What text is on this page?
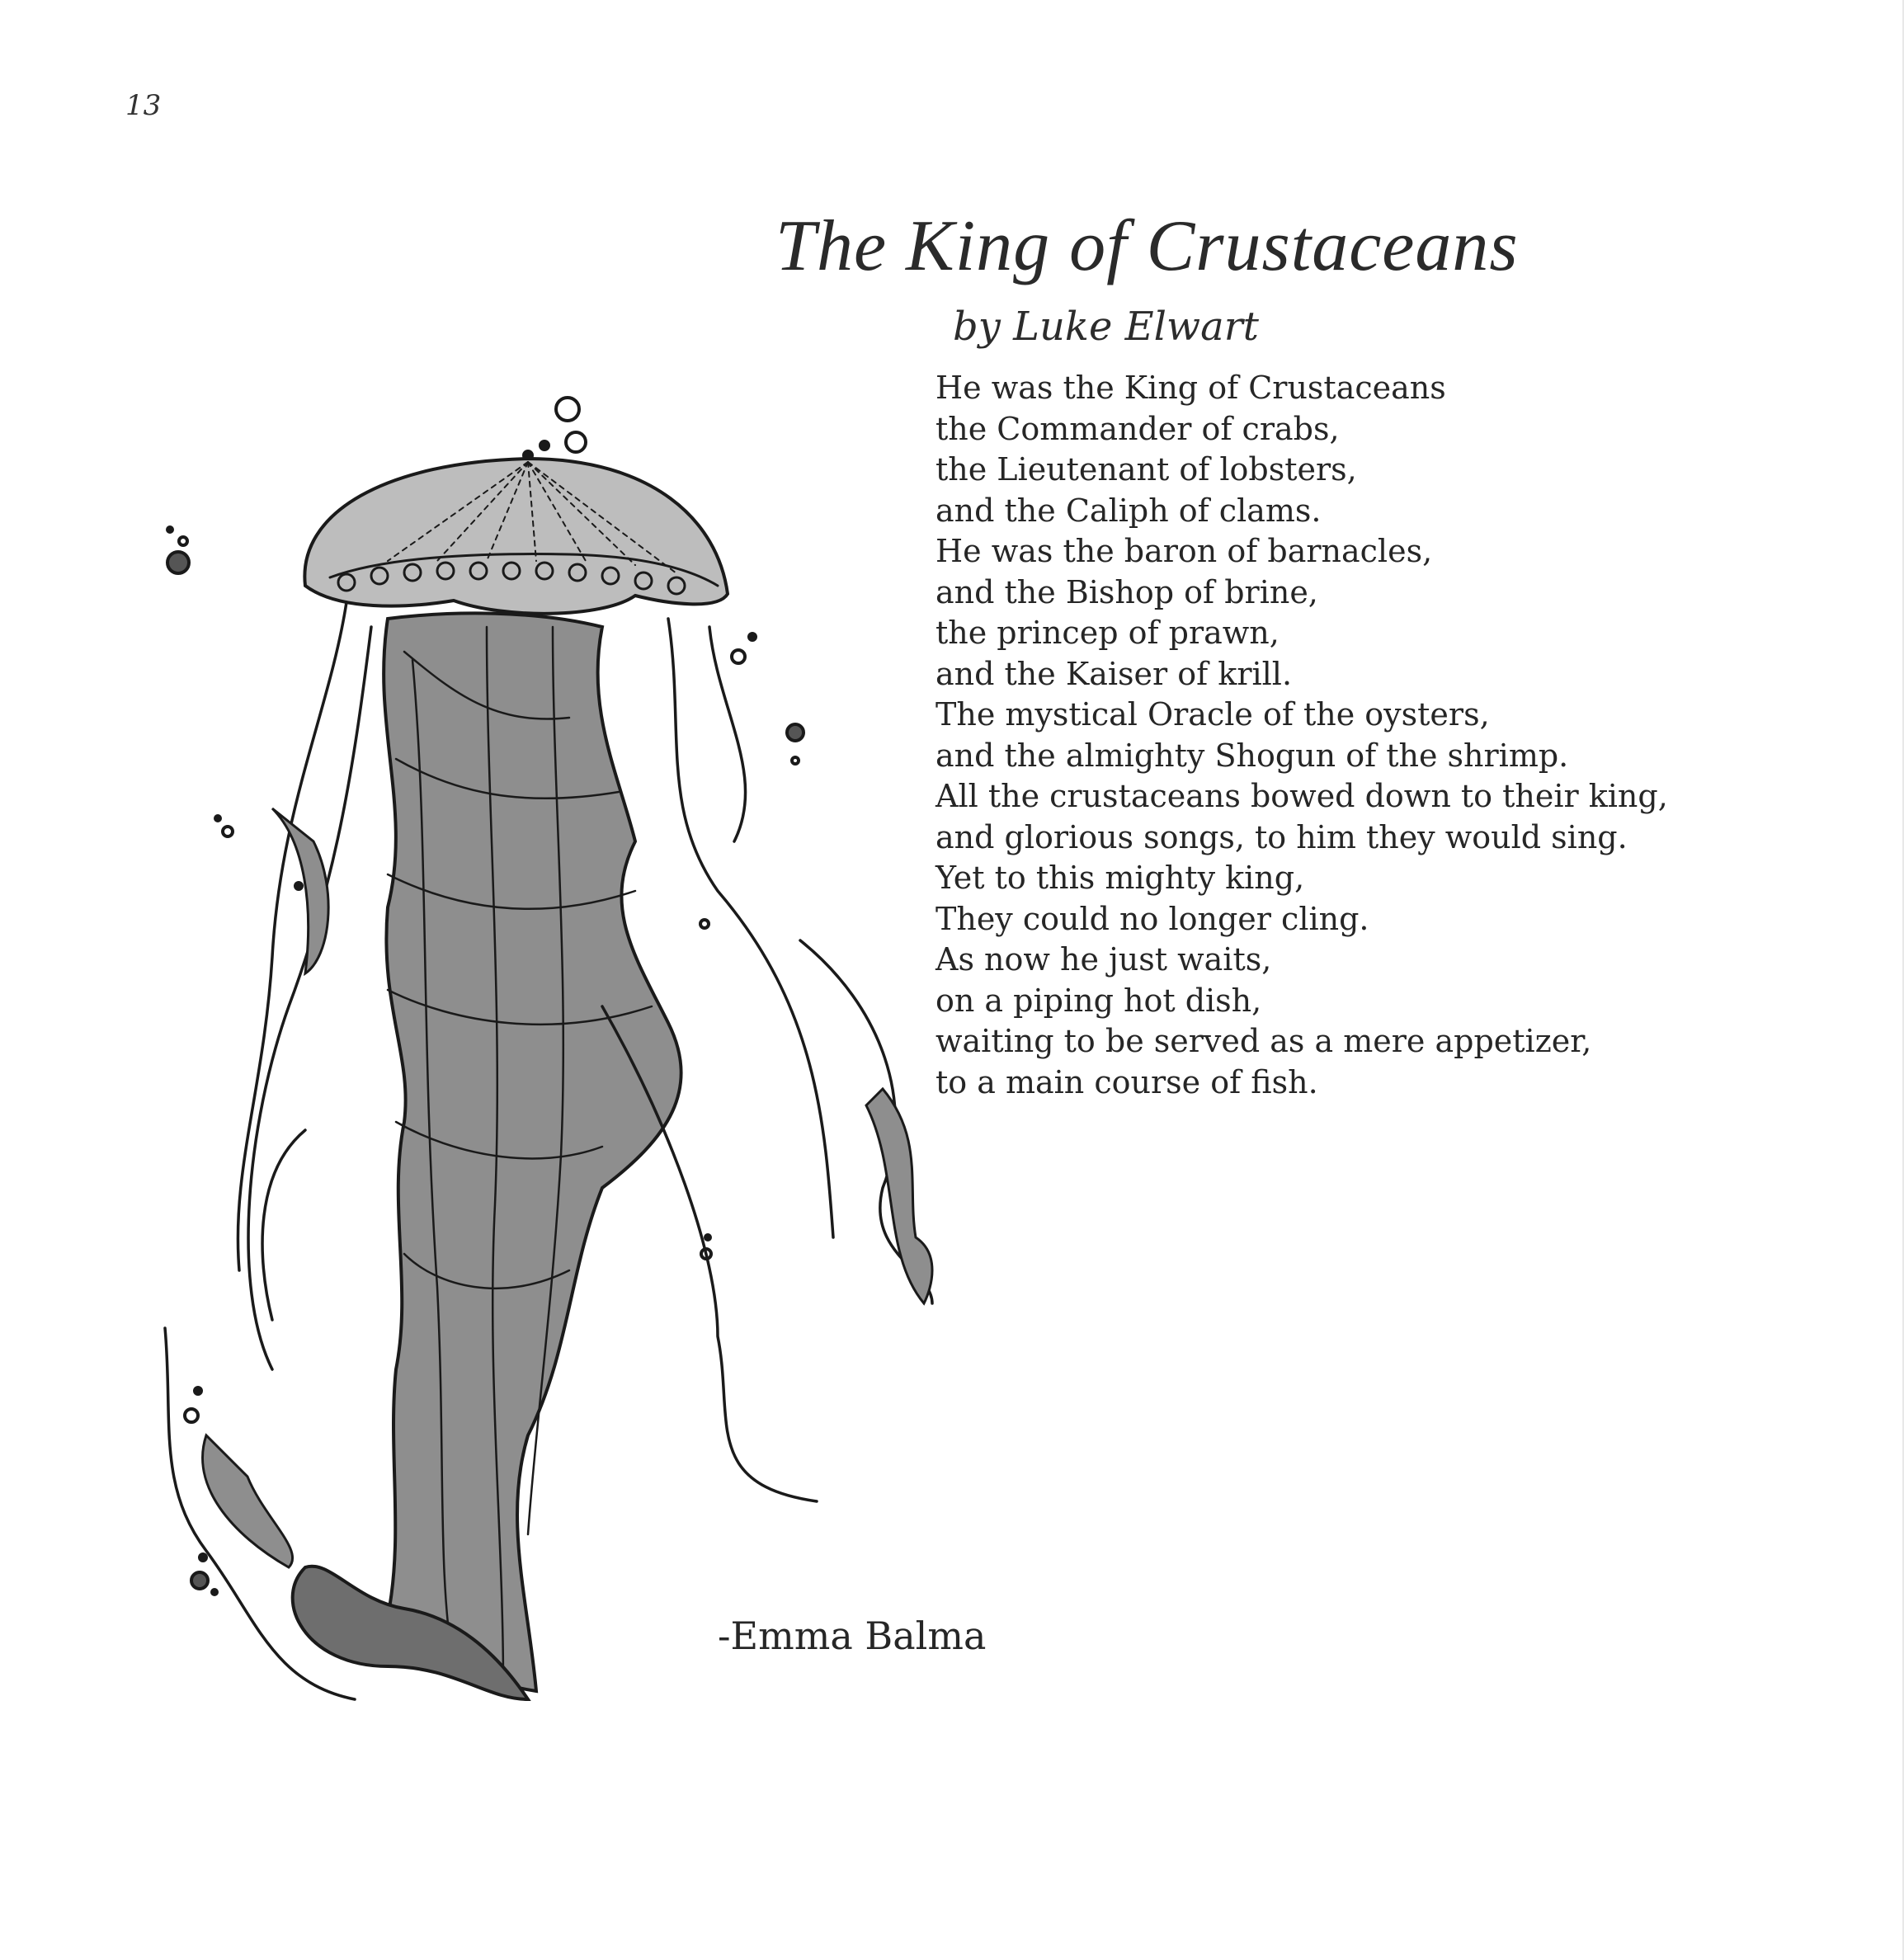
13
The King of Crustaceans
by Luke Elwart
He was the King of Crustaceans
the Commander of crabs,
the Lieutenant of lobsters,
and the Caliph of clams.
He was the baron of barnacles,
and the Bishop of brine,
the princep of prawn,
and the Kaiser of krill.
The mystical Oracle of the oysters,
and the almighty Shogun of the shrimp.
All the crustaceans bowed down to their king,
and glorious songs, to him they would sing.
Yet to this mighty king,
They could no longer cling.
As now he just waits,
on a piping hot dish,
waiting to be served as a mere appetizer,
to a main course of fish.
-Emma Balma
